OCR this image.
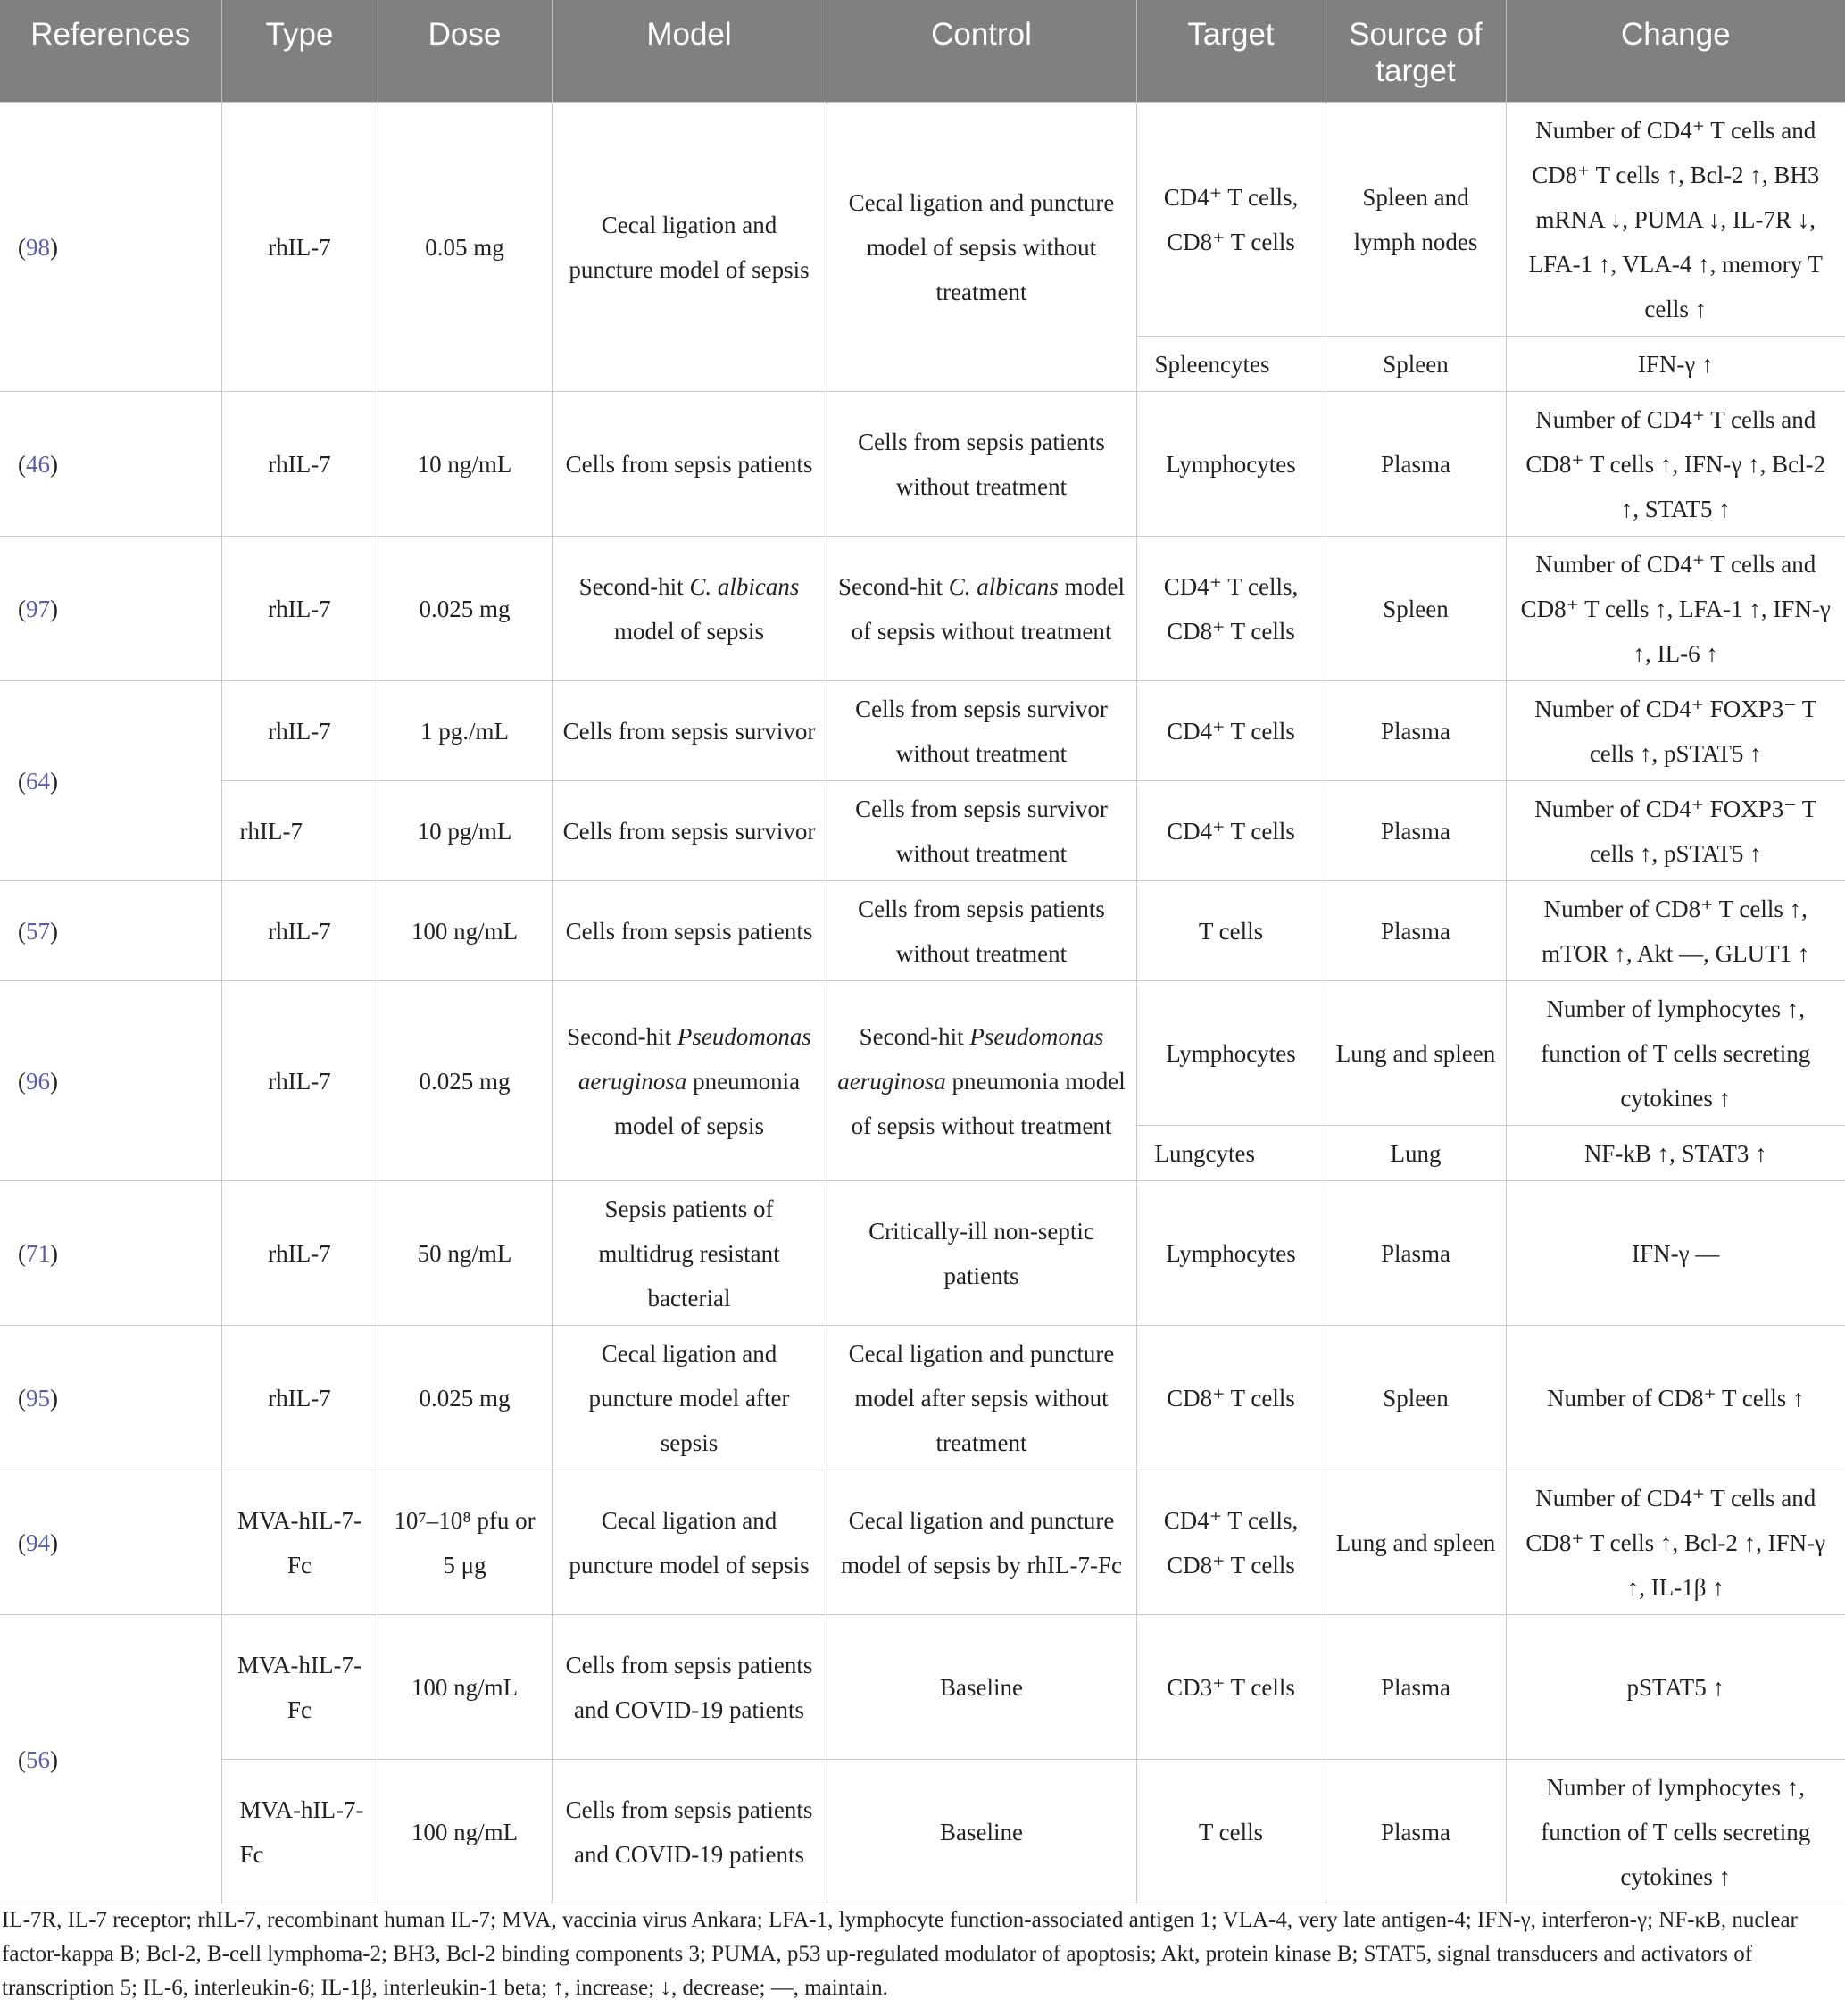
References	Type	Dose	Model	Control	Target	Source of target	Change

(98)	rhIL-7	0.05 mg	Cecal ligation and puncture model of sepsis	Cecal ligation and puncture model of sepsis without treatment	CD4⁺ T cells, CD8⁺ T cells	Spleen and lymph nodes	Number of CD4⁺ T cells and CD8⁺ T cells ↑, Bcl-2 ↑, BH3 mRNA ↓, PUMA ↓, IL-7R ↓, LFA-1 ↑, VLA-4 ↑, memory T cells ↑
					Spleencytes	Spleen	IFN-γ ↑
(46)	rhIL-7	10 ng/mL	Cells from sepsis patients	Cells from sepsis patients without treatment	Lymphocytes	Plasma	Number of CD4⁺ T cells and CD8⁺ T cells ↑, IFN-γ ↑, Bcl-2 ↑, STAT5 ↑
(97)	rhIL-7	0.025 mg	Second-hit C. albicans model of sepsis	Second-hit C. albicans model of sepsis without treatment	CD4⁺ T cells, CD8⁺ T cells	Spleen	Number of CD4⁺ T cells and CD8⁺ T cells ↑, LFA-1 ↑, IFN-γ ↑, IL-6 ↑
(64)	rhIL-7	1 pg./mL	Cells from sepsis survivor	Cells from sepsis survivor without treatment	CD4⁺ T cells	Plasma	Number of CD4⁺ FOXP3⁻ T cells ↑, pSTAT5 ↑
	rhIL-7	10 pg/mL	Cells from sepsis survivor	Cells from sepsis survivor without treatment	CD4⁺ T cells	Plasma	Number of CD4⁺ FOXP3⁻ T cells ↑, pSTAT5 ↑
(57)	rhIL-7	100 ng/mL	Cells from sepsis patients	Cells from sepsis patients without treatment	T cells	Plasma	Number of CD8⁺ T cells ↑, mTOR ↑, Akt —, GLUT1 ↑
(96)	rhIL-7	0.025 mg	Second-hit Pseudomonas aeruginosa pneumonia model of sepsis	Second-hit Pseudomonas aeruginosa pneumonia model of sepsis without treatment	Lymphocytes	Lung and spleen	Number of lymphocytes ↑, function of T cells secreting cytokines ↑
					Lungcytes	Lung	NF-kB ↑, STAT3 ↑
(71)	rhIL-7	50 ng/mL	Sepsis patients of multidrug resistant bacterial	Critically-ill non-septic patients	Lymphocytes	Plasma	IFN-γ —
(95)	rhIL-7	0.025 mg	Cecal ligation and puncture model after sepsis	Cecal ligation and puncture model after sepsis without treatment	CD8⁺ T cells	Spleen	Number of CD8⁺ T cells ↑
(94)	MVA-hIL-7-Fc	10⁷–10⁸ pfu or 5 μg	Cecal ligation and puncture model of sepsis	Cecal ligation and puncture model of sepsis by rhIL-7-Fc	CD4⁺ T cells, CD8⁺ T cells	Lung and spleen	Number of CD4⁺ T cells and CD8⁺ T cells ↑, Bcl-2 ↑, IFN-γ ↑, IL-1β ↑
(56)	MVA-hIL-7-Fc	100 ng/mL	Cells from sepsis patients and COVID-19 patients	Baseline	CD3⁺ T cells	Plasma	pSTAT5 ↑
	MVA-hIL-7-Fc	100 ng/mL	Cells from sepsis patients and COVID-19 patients	Baseline	T cells	Plasma	Number of lymphocytes ↑, function of T cells secreting cytokines ↑
IL-7R, IL-7 receptor; rhIL-7, recombinant human IL-7; MVA, vaccinia virus Ankara; LFA-1, lymphocyte function-associated antigen 1; VLA-4, very late antigen-4; IFN-γ, interferon-γ; NF-κB, nuclear factor-kappa B; Bcl-2, B-cell lymphoma-2; BH3, Bcl-2 binding components 3; PUMA, p53 up-regulated modulator of apoptosis; Akt, protein kinase B; STAT5, signal transducers and activators of transcription 5; IL-6, interleukin-6; IL-1β, interleukin-1 beta; ↑, increase; ↓, decrease; —, maintain.
